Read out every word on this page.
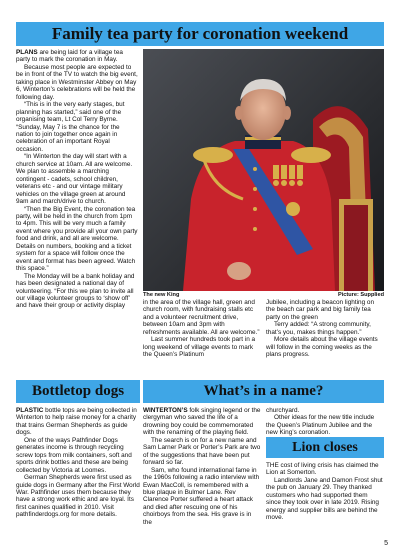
Family tea party for coronation weekend

PLANS are being laid for a village tea party to mark the coronation in May.

Because most people are expected to be in front of the TV to watch the big event, taking place in Westminster Abbey on May 6, Winterton’s celebrations will be held the following day.

“This is in the very early stages, but planning has started,” said one of the organising team, Lt Col Terry Byrne. “Sunday, May 7 is the chance for the nation to join together once again in celebration of an important Royal occasion.

“In Winterton the day will start with a church service at 10am. All are welcome. We plan to assemble a marching contingent - cadets, school children, veterans etc - and our vintage military vehicles on the village green at around 9am and march/drive to church.

“Then the Big Event, the coronation tea party, will be held in the church from 1pm to 4pm. This will be very much a family event where you provide all your own party food and drink, and all are welcome. Details on numbers, booking and a ticket system for a space will follow once the event and format has been agreed. Watch this space.”

The Monday will be a bank holiday and has been designated a national day of volunteering. “For this we plan to invite all our village volunteer groups to ‘show off’ and have their group or activity display

The new King	Picture: Supplied

in the area of the village hall, green and church room, with fundraising stalls etc and a volunteer recruitment drive, between 10am and 3pm with refreshments available. All are welcome.”

Last summer hundreds took part in a long weekend of village events to mark the Queen’s Platinum

Jubilee, including a beacon lighting on the beach car park and big family tea party on the green

Terry added: “A strong community, that’s you, makes things happen.”

More details about the village events will follow in the coming weeks as the plans progress.

Bottletop dogs

PLASTIC bottle tops are being collected in Winterton to help raise money for a charity that trains German Shepherds as guide dogs.

One of the ways Pathfinder Dogs generates income is through recycling screw tops from milk containers, soft and sports drink bottles and these are being collected by Victoria at Loomes.

German Shepherds were first used as guide dogs in Germany after the First World War. Pathfinder uses them because they have a strong work ethic and are loyal. Its first canines qualified in 2010. Visit pathfinderdogs.org for more details.

What’s in a name?

WINTERTON’S folk singing legend or the clergyman who saved the life of a drowning boy could be commemorated with the renaming of the playing field.

The search is on for a new name and Sam Larner Park or Porter’s Park are two of the suggestions that have been put forward so far.

Sam, who found international fame in the 1960s following a radio interview with Ewan MacColl, is remembered with a blue plaque in Bulmer Lane. Rev Clarence Porter suffered a heart attack and died after rescuing one of his choirboys from the sea. His grave is in the

churchyard.

Other ideas for the new title include the Queen’s Platinum Jubilee and the new King’s coronation.

Lion closes

THE cost of living crisis has claimed the Lion at Somerton.

Landlords Jane and Damon Frost shut the pub on January 29. They thanked customers who had supported them since they took over in late 2019. Rising energy and supplier bills are behind the move.

5
